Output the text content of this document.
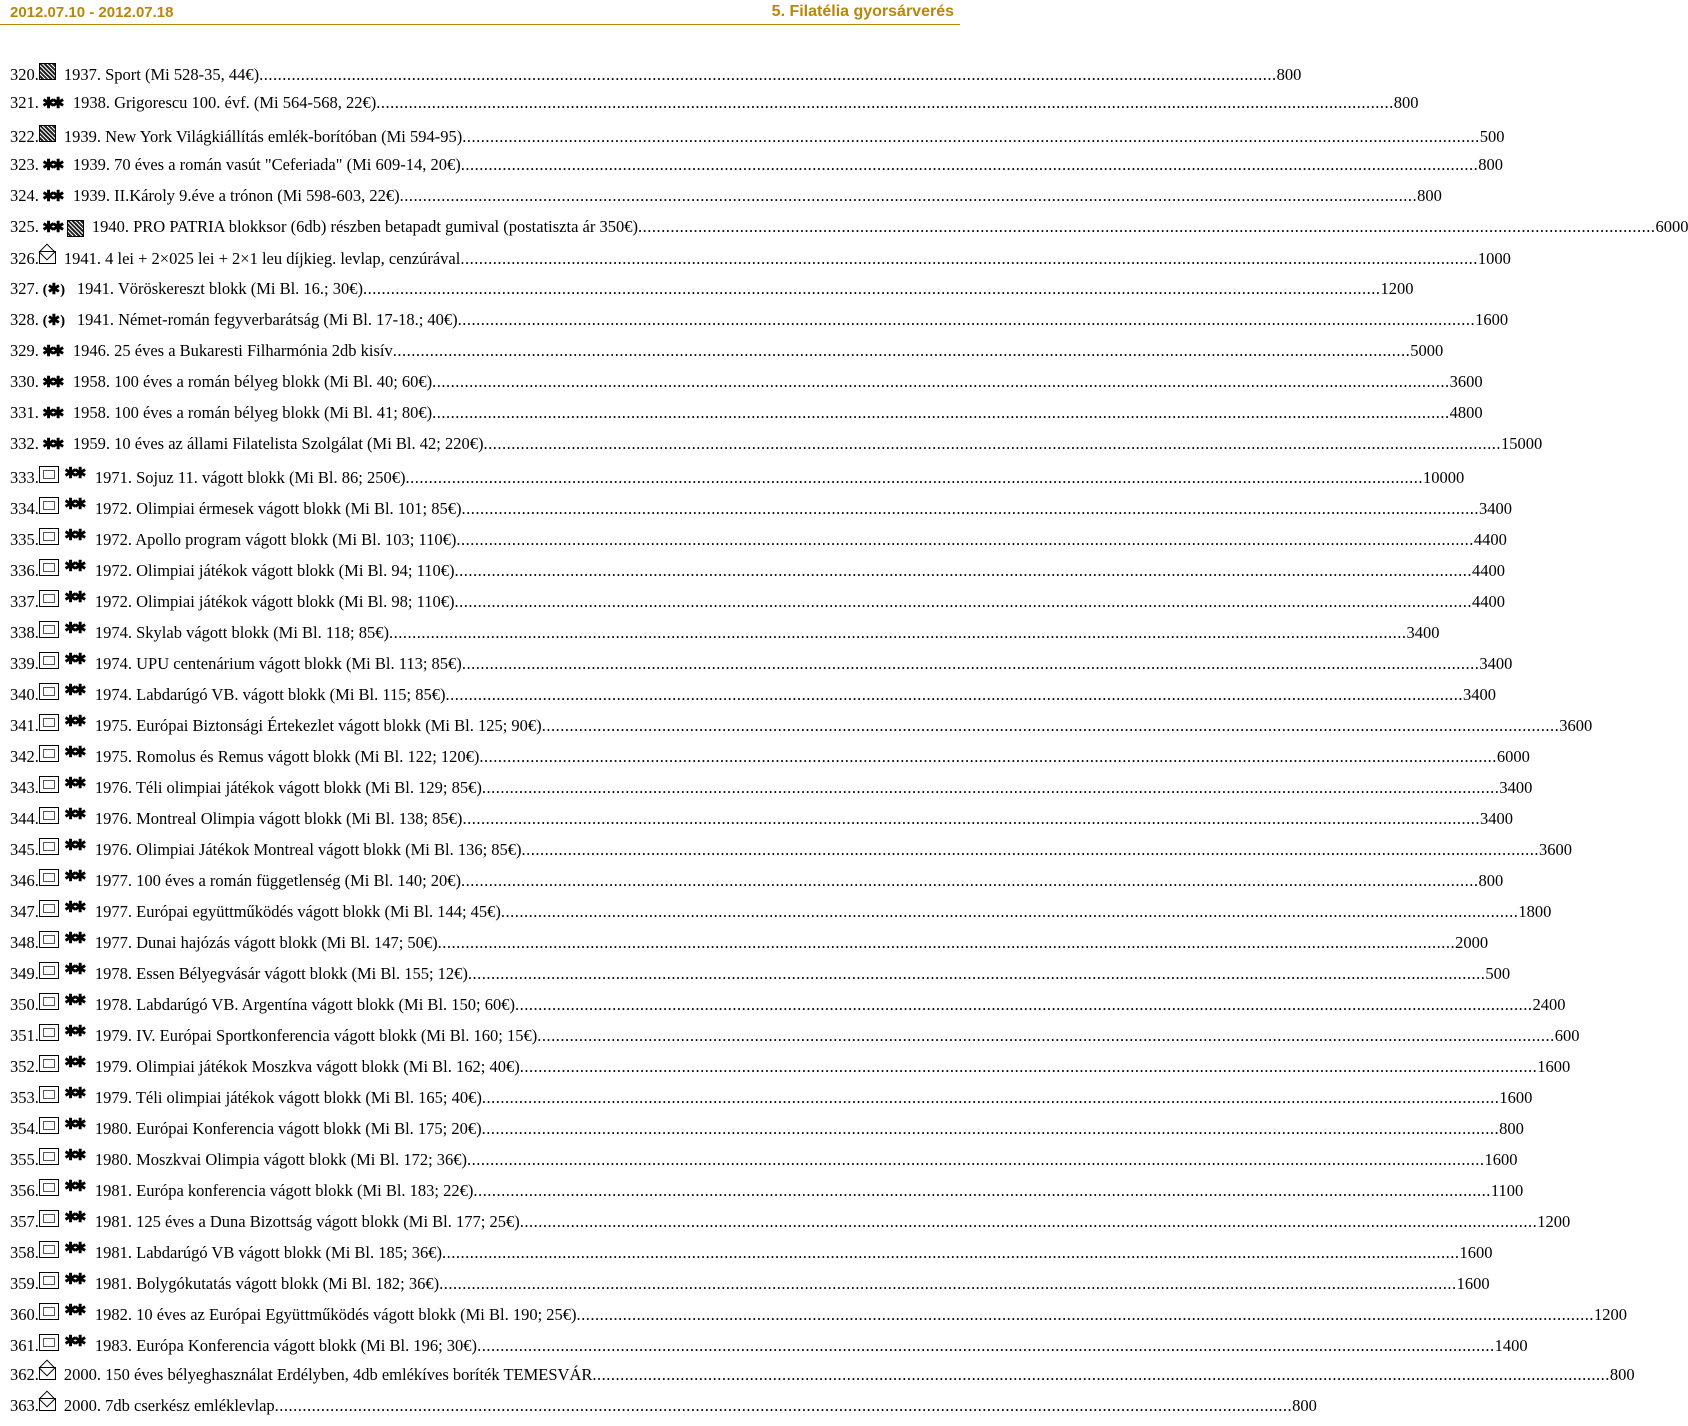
2012.07.10 - 2012.07.18	5. Filatélia gyorsárverés
320. 1937. Sport (Mi 528-35, 44€) ............................................................................................................................................................................................................................ 800
321. ✱✱ 1938. Grigorescu 100. évf. (Mi 564-568, 22€) ............................................................................................................................................................................................................................ 800
322. 1939. New York Világkiállítás emlék-borítóban (Mi 594-95) ............................................................................................................................................................................................................................ 500
323. ✱✱ 1939. 70 éves a román vasút "Ceferiada" (Mi 609-14, 20€) ............................................................................................................................................................................................................................ 800
324. ✱✱ 1939. II.Károly 9.éve a trónon (Mi 598-603, 22€) ............................................................................................................................................................................................................................ 800
325. ✱✱ 1940. PRO PATRIA blokksor (6db) részben betapadt gumival (postatiszta ár 350€) ............................................................................................................................................................................................................................ 6000
326. 1941. 4 lei + 2×025 lei + 2×1 leu díjkieg. levlap, cenzúrával ............................................................................................................................................................................................................................ 1000
327. (✱) 1941. Vöröskereszt blokk (Mi Bl. 16.; 30€) ............................................................................................................................................................................................................................ 1200
328. (✱) 1941. Német-román fegyverbarátság (Mi Bl. 17-18.; 40€) ............................................................................................................................................................................................................................ 1600
329. ✱✱ 1946. 25 éves a Bukaresti Filharmónia 2db kisív ............................................................................................................................................................................................................................ 5000
330. ✱✱ 1958. 100 éves a román bélyeg blokk (Mi Bl. 40; 60€) ............................................................................................................................................................................................................................ 3600
331. ✱✱ 1958. 100 éves a román bélyeg blokk (Mi Bl. 41; 80€) ............................................................................................................................................................................................................................ 4800
332. ✱✱ 1959. 10 éves az állami Filatelista Szolgálat (Mi Bl. 42; 220€) ............................................................................................................................................................................................................................ 15000
333. ✱✱ 1971. Sojuz 11. vágott blokk (Mi Bl. 86; 250€) ............................................................................................................................................................................................................................ 10000
334. ✱✱ 1972. Olimpiai érmesek vágott blokk (Mi Bl. 101; 85€) ............................................................................................................................................................................................................................ 3400
335. ✱✱ 1972. Apollo program vágott blokk (Mi Bl. 103; 110€) ............................................................................................................................................................................................................................ 4400
336. ✱✱ 1972. Olimpiai játékok vágott blokk (Mi Bl. 94; 110€) ............................................................................................................................................................................................................................ 4400
337. ✱✱ 1972. Olimpiai játékok vágott blokk (Mi Bl. 98; 110€) ............................................................................................................................................................................................................................ 4400
338. ✱✱ 1974. Skylab vágott blokk (Mi Bl. 118; 85€) ............................................................................................................................................................................................................................ 3400
339. ✱✱ 1974. UPU centenárium vágott blokk (Mi Bl. 113; 85€) ............................................................................................................................................................................................................................ 3400
340. ✱✱ 1974. Labdarúgó VB. vágott blokk (Mi Bl. 115; 85€) ............................................................................................................................................................................................................................ 3400
341. ✱✱ 1975. Európai Biztonsági Értekezlet vágott blokk (Mi Bl. 125; 90€) ............................................................................................................................................................................................................................ 3600
342. ✱✱ 1975. Romolus és Remus vágott blokk (Mi Bl. 122; 120€) ............................................................................................................................................................................................................................ 6000
343. ✱✱ 1976. Téli olimpiai játékok vágott blokk (Mi Bl. 129; 85€) ............................................................................................................................................................................................................................ 3400
344. ✱✱ 1976. Montreal Olimpia vágott blokk (Mi Bl. 138; 85€) ............................................................................................................................................................................................................................ 3400
345. ✱✱ 1976. Olimpiai Játékok Montreal vágott blokk (Mi Bl. 136; 85€) ............................................................................................................................................................................................................................ 3600
346. ✱✱ 1977. 100 éves a román függetlenség (Mi Bl. 140; 20€) ............................................................................................................................................................................................................................ 800
347. ✱✱ 1977. Európai együttműködés vágott blokk (Mi Bl. 144; 45€) ............................................................................................................................................................................................................................ 1800
348. ✱✱ 1977. Dunai hajózás vágott blokk (Mi Bl. 147; 50€) ............................................................................................................................................................................................................................ 2000
349. ✱✱ 1978. Essen Bélyegvásár vágott blokk (Mi Bl. 155; 12€) ............................................................................................................................................................................................................................ 500
350. ✱✱ 1978. Labdarúgó VB. Argentína vágott blokk (Mi Bl. 150; 60€) ............................................................................................................................................................................................................................ 2400
351. ✱✱ 1979. IV. Európai Sportkonferencia vágott blokk (Mi Bl. 160; 15€) ............................................................................................................................................................................................................................ 600
352. ✱✱ 1979. Olimpiai játékok Moszkva vágott blokk (Mi Bl. 162; 40€) ............................................................................................................................................................................................................................ 1600
353. ✱✱ 1979. Téli olimpiai játékok vágott blokk (Mi Bl. 165; 40€) ............................................................................................................................................................................................................................ 1600
354. ✱✱ 1980. Európai Konferencia vágott blokk (Mi Bl. 175; 20€) ............................................................................................................................................................................................................................ 800
355. ✱✱ 1980. Moszkvai Olimpia vágott blokk (Mi Bl. 172; 36€) ............................................................................................................................................................................................................................ 1600
356. ✱✱ 1981. Európa konferencia vágott blokk (Mi Bl. 183; 22€) ............................................................................................................................................................................................................................ 1100
357. ✱✱ 1981. 125 éves a Duna Bizottság vágott blokk (Mi Bl. 177; 25€) ............................................................................................................................................................................................................................ 1200
358. ✱✱ 1981. Labdarúgó VB vágott blokk (Mi Bl. 185; 36€) ............................................................................................................................................................................................................................ 1600
359. ✱✱ 1981. Bolygókutatás vágott blokk (Mi Bl. 182; 36€) ............................................................................................................................................................................................................................ 1600
360. ✱✱ 1982. 10 éves az Európai Együttműködés vágott blokk (Mi Bl. 190; 25€) ............................................................................................................................................................................................................................ 1200
361. ✱✱ 1983. Európa Konferencia vágott blokk (Mi Bl. 196; 30€) ............................................................................................................................................................................................................................ 1400
362. 2000. 150 éves bélyeghasználat Erdélyben, 4db emlékíves boríték TEMESVÁR ............................................................................................................................................................................................................................ 800
363. 2000. 7db cserkész emléklevlap ............................................................................................................................................................................................................................ 800
